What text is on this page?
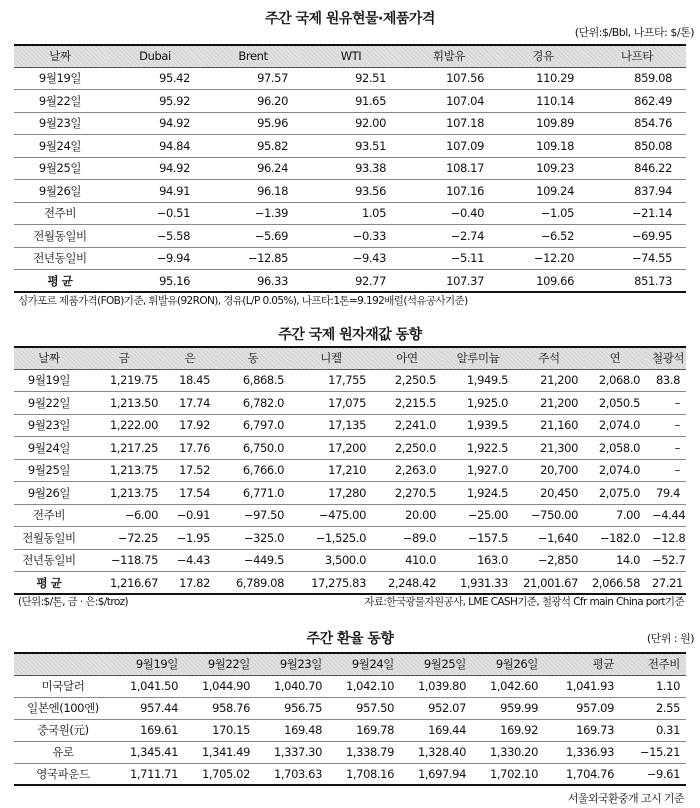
주간 국제 원유현물·제품가격
(단위:$/Bbl, 나프타: $/톤)
날짜	Dubai	Brent	WTI	휘발유	경유	나프타
9월19일	95.42	97.57	92.51	107.56	110.29	859.08
9월22일	95.92	96.20	91.65	107.04	110.14	862.49
9월23일	94.92	95.96	92.00	107.18	109.89	854.76
9월24일	94.84	95.82	93.51	107.09	109.18	850.08
9월25일	94.92	96.24	93.38	108.17	109.23	846.22
9월26일	94.91	96.18	93.56	107.16	109.24	837.94
전주비	−0.51	−1.39	1.05	−0.40	−1.05	−21.14
전월동일비	−5.58	−5.69	−0.33	−2.74	−6.52	−69.95
전년동일비	−9.94	−12.85	−9.43	−5.11	−12.20	−74.55
평 균	95.16	96.33	92.77	107.37	109.66	851.73
싱가포르 제품가격(FOB)기준, 휘발유(92RON), 경유(L/P 0.05%), 나프타:1톤=9.192배럴(석유공사기준)
주간 국제 원자재값 동향
날짜	금	은	동	니켈	아연	알루미늄	주석	연	철광석
9월19일	1,219.75	18.45	6,868.5	17,755	2,250.5	1,949.5	21,200	2,068.0	83.8
9월22일	1,213.50	17.74	6,782.0	17,075	2,215.5	1,925.0	21,200	2,050.5	–
9월23일	1,222.00	17.92	6,797.0	17,135	2,241.0	1,939.5	21,160	2,074.0	–
9월24일	1,217.25	17.76	6,750.0	17,200	2,250.0	1,922.5	21,300	2,058.0	–
9월25일	1,213.75	17.52	6,766.0	17,210	2,263.0	1,927.0	20,700	2,074.0	–
9월26일	1,213.75	17.54	6,771.0	17,280	2,270.5	1,924.5	20,450	2,075.0	79.4
전주비	−6.00	−0.91	−97.50	−475.00	20.00	−25.00	−750.00	7.00	−4.44
전월동일비	−72.25	−1.95	−325.0	−1,525.0	−89.0	−157.5	−1,640	−182.0	−12.8
전년동일비	−118.75	−4.43	−449.5	3,500.0	410.0	163.0	−2,850	14.0	−52.7
평 균	1,216.67	17.82	6,789.08	17,275.83	2,248.42	1,931.33	21,001.67	2,066.58	27.21
(단위:$/톤, 금 · 은:$/troz)	자료:한국광물자원공사, LME CASH기준, 철광석 Cfr main China port기준
주간 환율 동향	(단위 : 원)
	9월19일	9월22일	9월23일	9월24일	9월25일	9월26일	평균	전주비
미국달러	1,041.50	1,044.90	1,040.70	1,042.10	1,039.80	1,042.60	1,041.93	1.10
일본엔(100엔)	957.44	958.76	956.75	957.50	952.07	959.99	957.09	2.55
중국원(元)	169.61	170.15	169.48	169.78	169.44	169.92	169.73	0.31
유로	1,345.41	1,341.49	1,337.30	1,338.79	1,328.40	1,330.20	1,336.93	−15.21
영국파운드	1,711.71	1,705.02	1,703.63	1,708.16	1,697.94	1,702.10	1,704.76	−9.61
서울외국환중개 고시 기준
